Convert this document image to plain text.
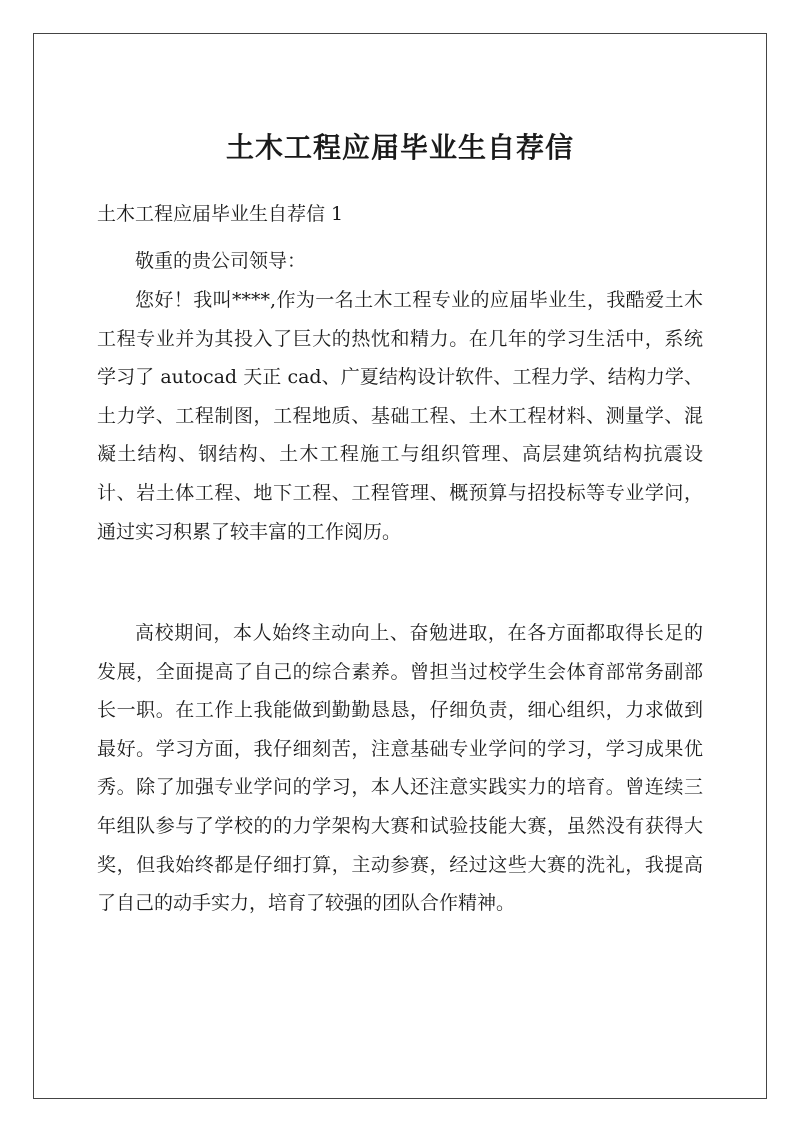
土木工程应届毕业生自荐信
土木工程应届毕业生自荐信 1
敬重的贵公司领导：
您好！我叫****,作为一名土木工程专业的应届毕业生，我酷爱土木工程专业并为其投入了巨大的热忱和精力。在几年的学习生活中，系统学习了 autocad 天正 cad、广夏结构设计软件、工程力学、结构力学、土力学、工程制图，工程地质、基础工程、土木工程材料、测量学、混凝土结构、钢结构、土木工程施工与组织管理、高层建筑结构抗震设计、岩土体工程、地下工程、工程管理、概预算与招投标等专业学问，通过实习积累了较丰富的工作阅历。
高校期间，本人始终主动向上、奋勉进取，在各方面都取得长足的发展，全面提高了自己的综合素养。曾担当过校学生会体育部常务副部长一职。在工作上我能做到勤勤恳恳，仔细负责，细心组织，力求做到最好。学习方面，我仔细刻苦，注意基础专业学问的学习，学习成果优秀。除了加强专业学问的学习，本人还注意实践实力的培育。曾连续三年组队参与了学校的的力学架构大赛和试验技能大赛，虽然没有获得大奖，但我始终都是仔细打算，主动参赛，经过这些大赛的洗礼，我提高了自己的动手实力，培育了较强的团队合作精神。
